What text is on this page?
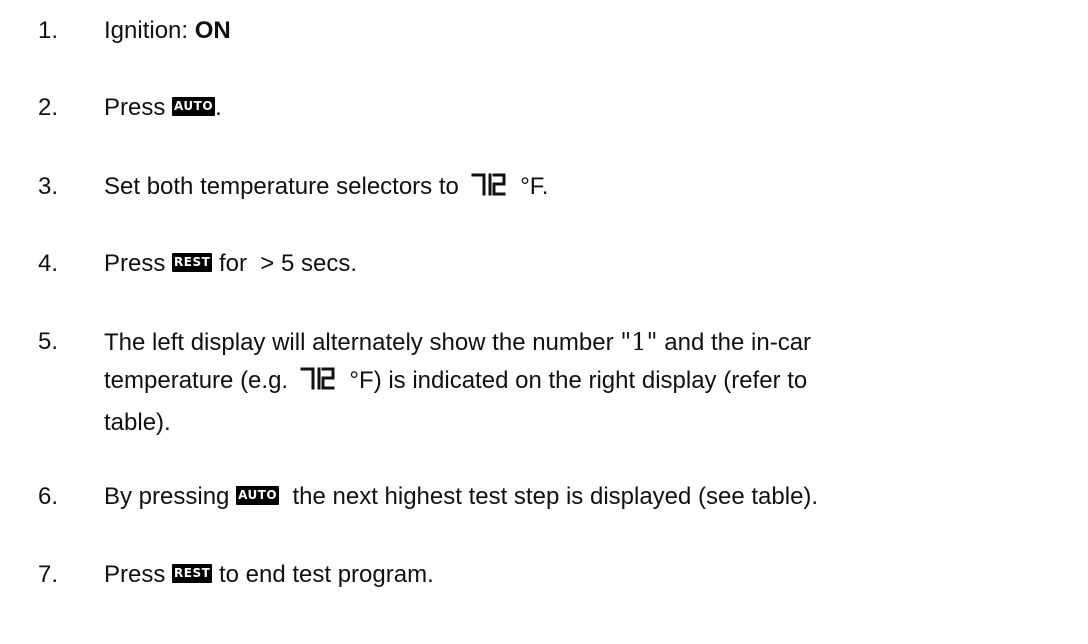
1. Ignition: ON
2. Press AUTO.
3. Set both temperature selectors to  °F.
4. Press REST for  > 5 secs.
5. The left display will alternately show the number "1" and the in-car
temperature (e.g.  °F) is indicated on the right display (refer to
table).
6. By pressing AUTO  the next highest test step is displayed (see table).
7. Press REST to end test program.
